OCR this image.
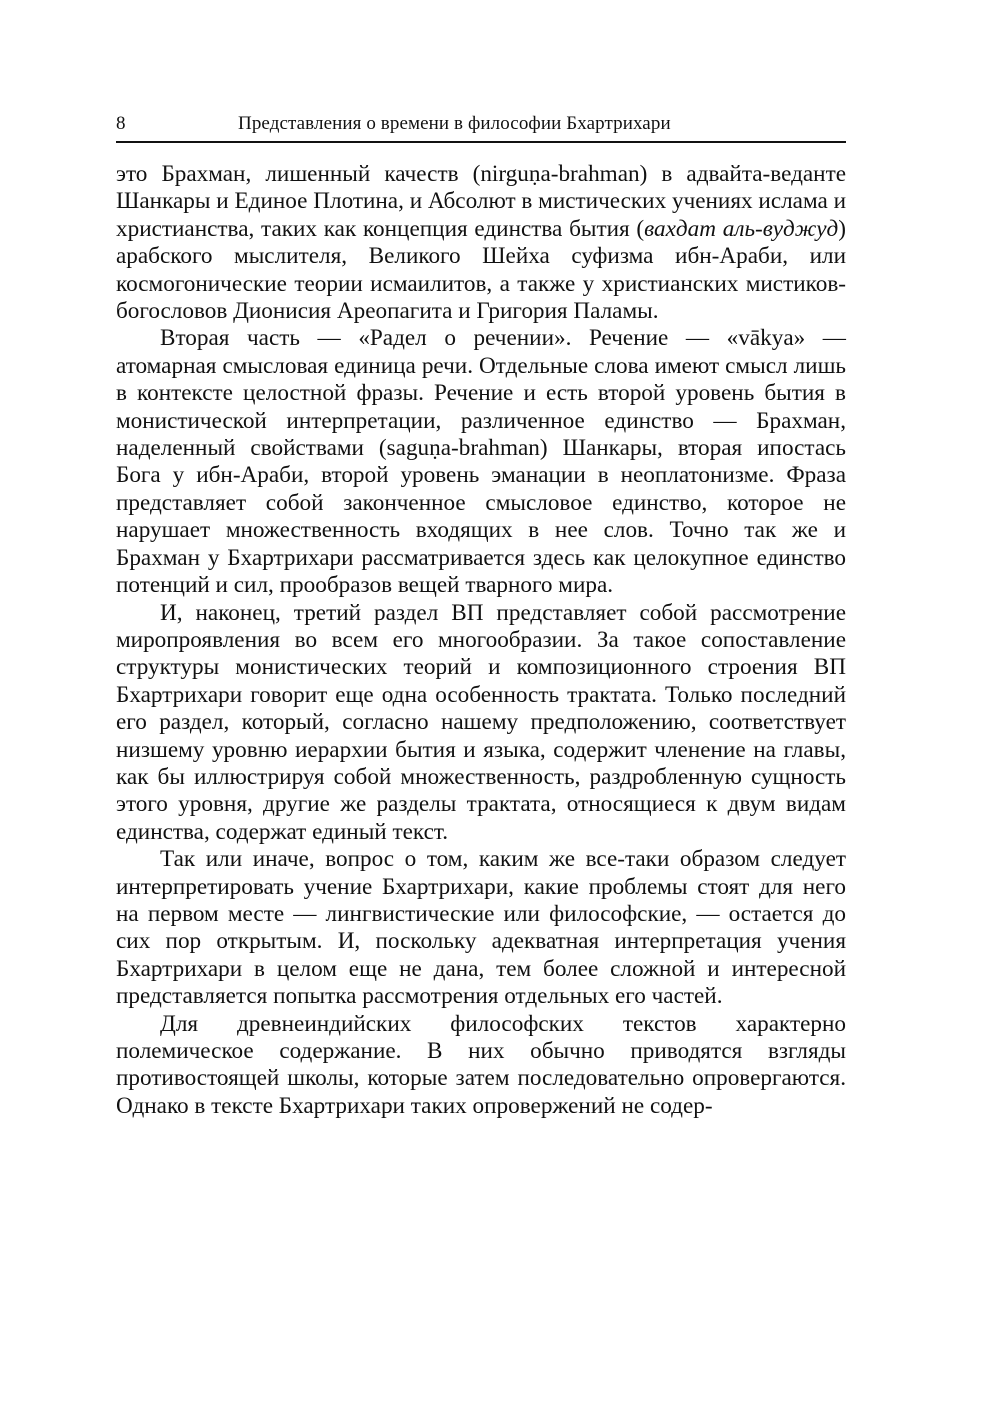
8	Представления о времени в философии Бхартрихари

это Брахман, лишенный качеств (nirguṇa-brahman) в адвайта-веданте Шанкары и Единое Плотина, и Абсолют в мистических учениях ислама и христианства, таких как концепция единства бытия (вахдат аль-вуджуд) арабского мыслителя, Великого Шейха суфизма ибн-Араби, или космогонические теории исмаилитов, а также у христианских мистиков-богословов Дионисия Ареопагита и Григория Паламы.

Вторая часть — «Радел о речении». Речение — «vākya» — атомарная смысловая единица речи. Отдельные слова имеют смысл лишь в контексте целостной фразы. Речение и есть второй уровень бытия в монистической интерпретации, различенное единство — Брахман, наделенный свойствами (saguṇa-brahman) Шанкары, вторая ипостась Бога у ибн-Араби, второй уровень эманации в неоплатонизме. Фраза представляет собой законченное смысловое единство, которое не нарушает множественность входящих в нее слов. Точно так же и Брахман у Бхартрихари рассматривается здесь как целокупное единство потенций и сил, прообразов вещей тварного мира.

И, наконец, третий раздел ВП представляет собой рассмотрение миропроявления во всем его многообразии. За такое сопоставление структуры монистических теорий и композиционного строения ВП Бхартрихари говорит еще одна особенность трактата. Только последний его раздел, который, согласно нашему предположению, соответствует низшему уровню иерархии бытия и языка, содержит членение на главы, как бы иллюстрируя собой множественность, раздробленную сущность этого уровня, другие же разделы трактата, относящиеся к двум видам единства, содержат единый текст.

Так или иначе, вопрос о том, каким же все-таки образом следует интерпретировать учение Бхартрихари, какие проблемы стоят для него на первом месте — лингвистические или философские, — остается до сих пор открытым. И, поскольку адекватная интерпретация учения Бхартрихари в целом еще не дана, тем более сложной и интересной представляется попытка рассмотрения отдельных его частей.

Для древнеиндийских философских текстов характерно полемическое содержание. В них обычно приводятся взгляды противостоящей школы, которые затем последовательно опровергаются. Однако в тексте Бхартрихари таких опровержений не содер-
